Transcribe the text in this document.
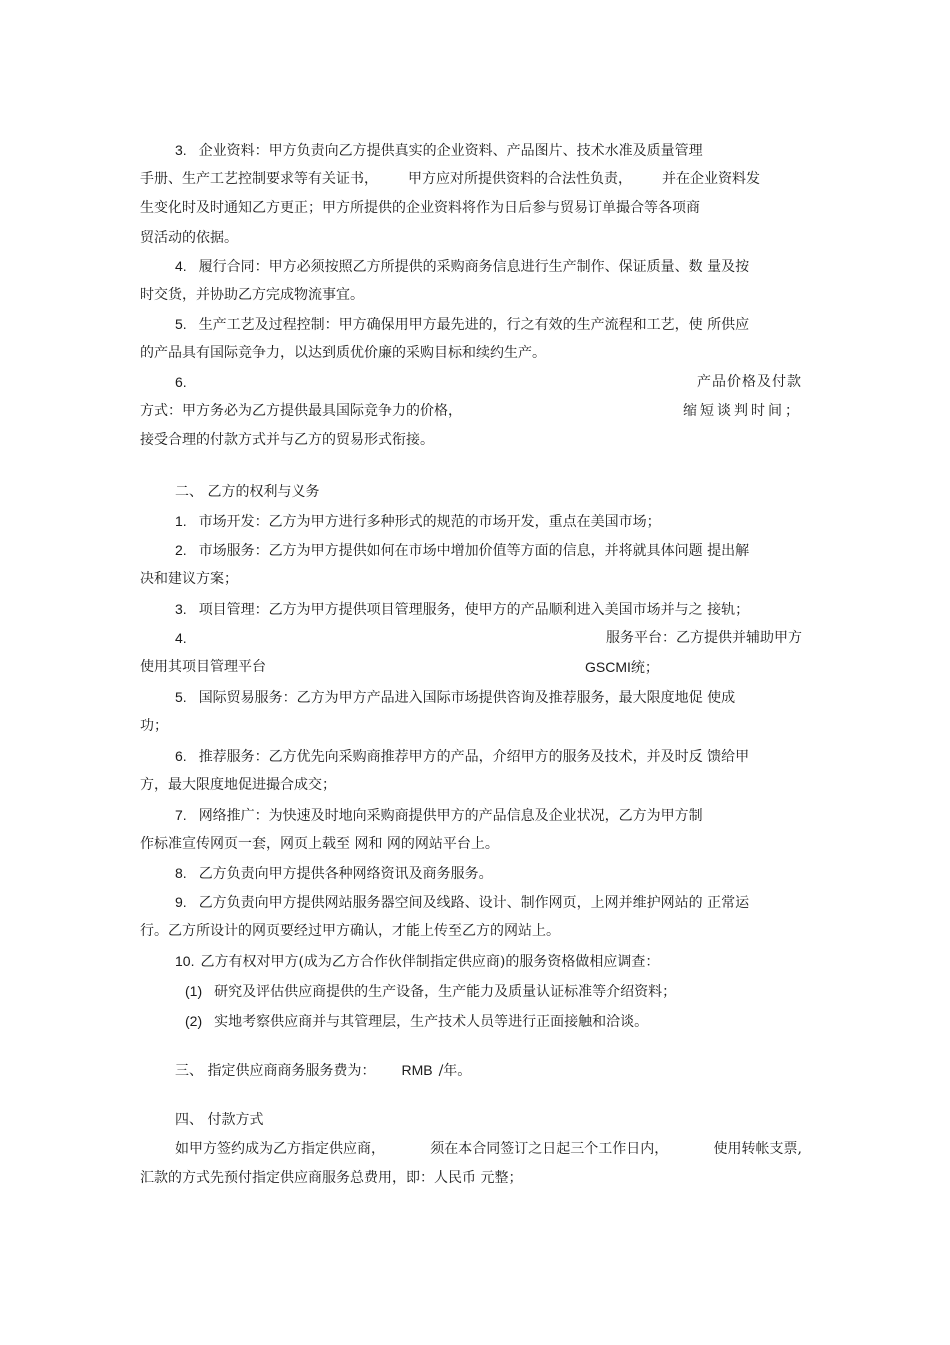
3. 企业资料：甲方负责向乙方提供真实的企业资料、产品图片、技术水准及质量管理
手册、生产工艺控制要求等有关证书， 甲方应对所提供资料的合法性负责， 并在企业资料发
生变化时及时通知乙方更正；甲方所提供的企业资料将作为日后参与贸易订单撮合等各项商
贸活动的依据。
4. 履行合同：甲方必须按照乙方所提供的采购商务信息进行生产制作、保证质量、数 量及按
时交货，并协助乙方完成物流事宜。
5. 生产工艺及过程控制：甲方确保用甲方最先进的，行之有效的生产流程和工艺，使 所供应
的产品具有国际竞争力，以达到质优价廉的采购目标和续约生产。
6.	产品价格及付款
方式：甲方务必为乙方提供最具国际竞争力的价格，	缩短谈判时间；
接受合理的付款方式并与乙方的贸易形式衔接。
二、 乙方的权利与义务
1. 市场开发：乙方为甲方进行多种形式的规范的市场开发，重点在美国市场；
2. 市场服务：乙方为甲方提供如何在市场中增加价值等方面的信息，并将就具体问题 提出解
决和建议方案；
3. 项目管理：乙方为甲方提供项目管理服务，使甲方的产品顺利进入美国市场并与之 接轨；
4.	服务平台：乙方提供并辅助甲方
使用其项目管理平台	GSCMI统；
5. 国际贸易服务：乙方为甲方产品进入国际市场提供咨询及推荐服务，最大限度地促 使成
功；
6. 推荐服务：乙方优先向采购商推荐甲方的产品，介绍甲方的服务及技术，并及时反 馈给甲
方，最大限度地促进撮合成交；
7. 网络推广：为快速及时地向采购商提供甲方的产品信息及企业状况，乙方为甲方制
作标准宣传网页一套，网页上载至 网和 网的网站平台上。
8. 乙方负责向甲方提供各种网络资讯及商务服务。
9. 乙方负责向甲方提供网站服务器空间及线路、设计、制作网页，上网并维护网站的 正常运
行。乙方所设计的网页要经过甲方确认，才能上传至乙方的网站上。
10. 乙方有权对甲方(成为乙方合作伙伴制指定供应商)的服务资格做相应调查：
(1) 研究及评估供应商提供的生产设备，生产能力及质量认证标准等介绍资料；
(2) 实地考察供应商并与其管理层，生产技术人员等进行正面接触和洽谈。
三、 指定供应商商务服务费为： RMB /年。
四、 付款方式
如甲方签约成为乙方指定供应商，	须在本合同签订之日起三个工作日内，	使用转帐支票,
汇款的方式先预付指定供应商服务总费用，即：人民币 元整；
